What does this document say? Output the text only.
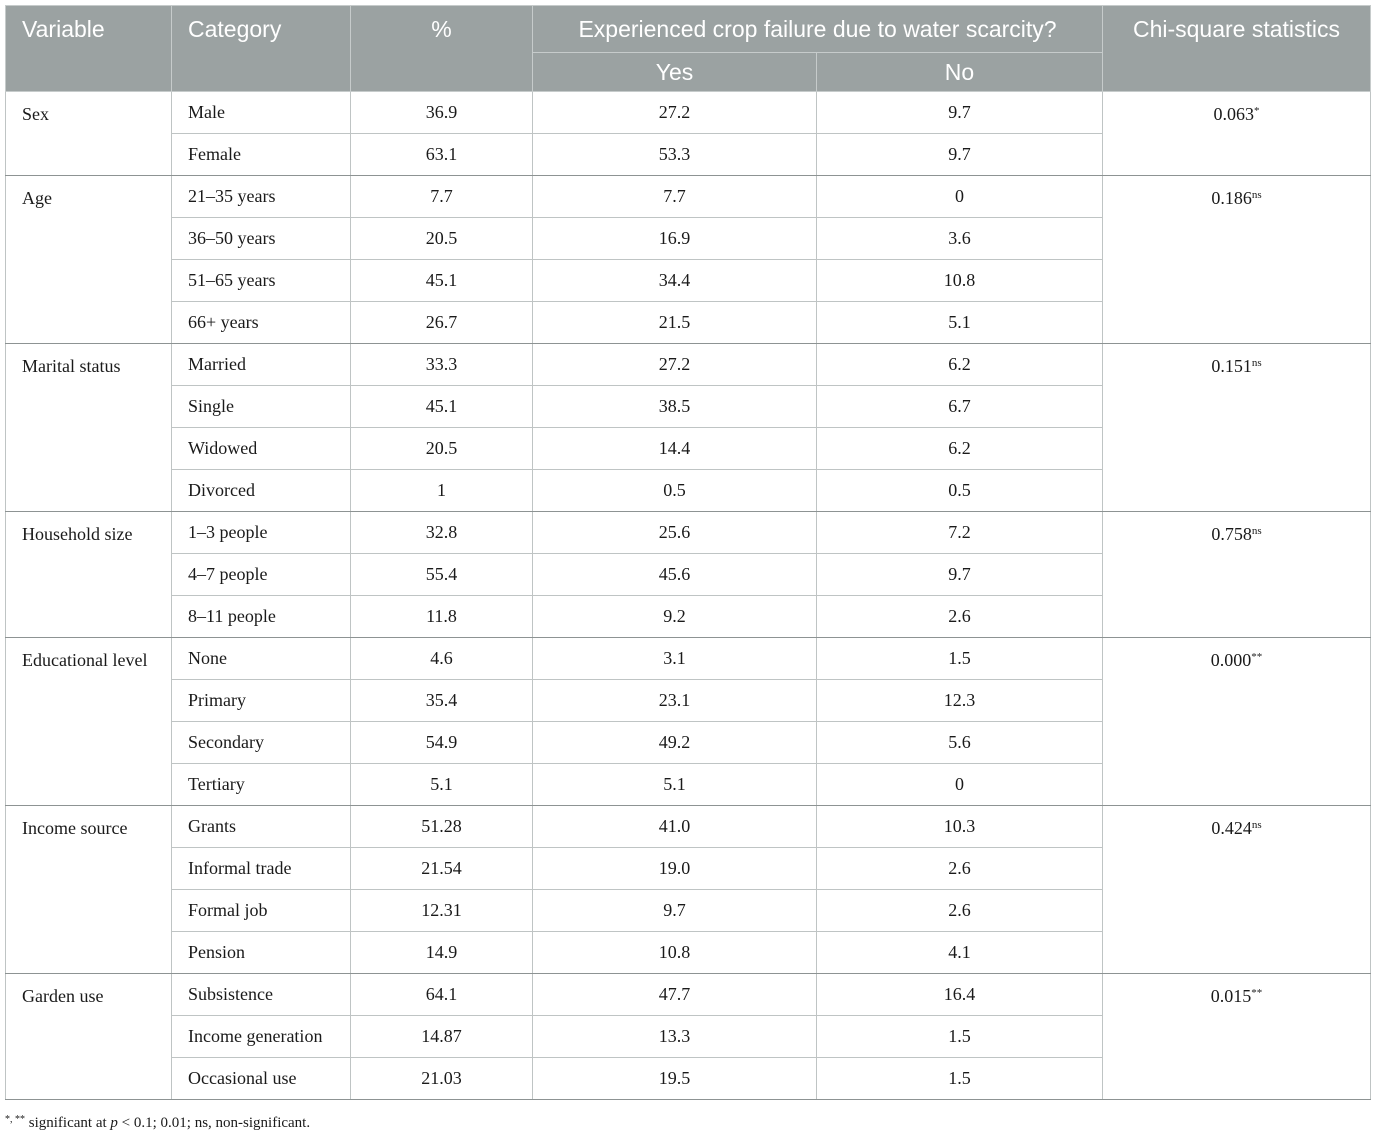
Variable	Category	%	Experienced crop failure due to water scarcity?		Chi-square statistics
			Yes	No	
Sex	Male	36.9	27.2	9.7	0.063*
	Female	63.1	53.3	9.7	
Age	21–35 years	7.7	7.7	0	$0.186^{ns}$
	36–50 years	20.5	16.9	3.6	
	51–65 years	45.1	34.4	10.8	
	66+ years	26.7	21.5	5.1	
Marital status	Married	33.3	27.2	6.2	$0.151^{ns}$
	Single	45.1	38.5	6.7	
	Widowed	20.5	14.4	6.2	
	Divorced	1	0.5	0.5	
Household size	1–3 people	32.8	25.6	7.2	$0.758^{ns}$
	4–7 people	55.4	45.6	9.7	
	8–11 people	11.8	9.2	2.6	
Educational level	None	4.6	3.1	1.5	0.000**
	Primary	35.4	23.1	12.3	
	Secondary	54.9	49.2	5.6	
	Tertiary	5.1	5.1	0	
Income source	Grants	51.28	41.0	10.3	$0.424^{ns}$
	Informal trade	21.54	19.0	2.6	
	Formal job	12.31	9.7	2.6	
	Pension	14.9	10.8	4.1	
Garden use	Subsistence	64.1	47.7	16.4	0.015**
	Income generation	14.87	13.3	1.5	
	Occasional use	21.03	19.5	1.5	
*, ** significant at p < 0.1; 0.01; ns, non-significant.
